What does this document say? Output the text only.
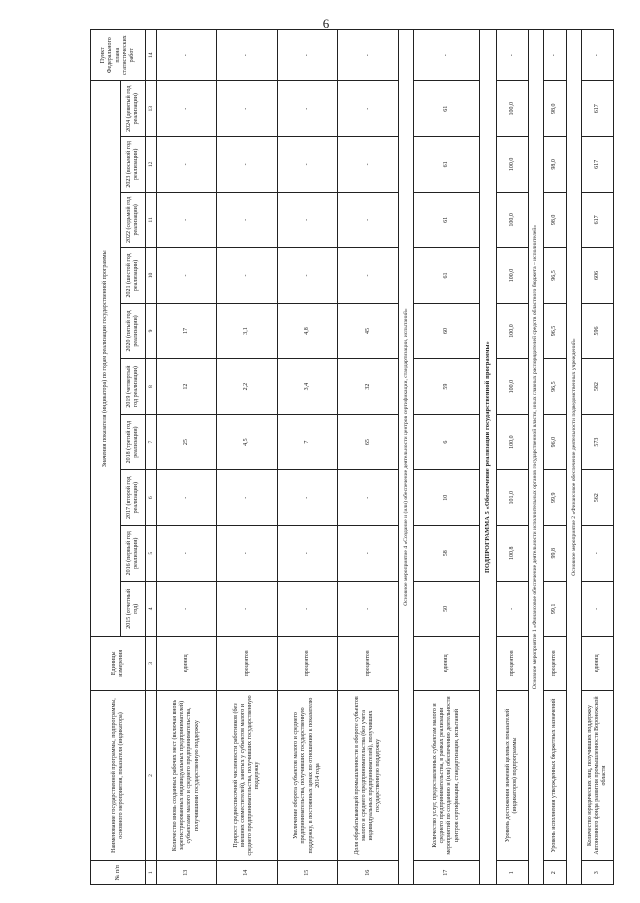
6
№ п/п	Наименование государственной программы, подпрограммы, основного мероприятия, показателя (индикатора)	Единицы измерения	Значения показателя (индикатора) по годам реализации государственной программы										Пункт Федерального плана статистических работ
			2015 (отчетный год)	2016 (первый год реализации)	2017 (второй год реализации)	2018 (третий год реализации)	2019 (четвертый год реализации)	2020 (пятый год реализации)	2021 (шестой год реализации)	2022 (седьмой год реализации)	2023 (восьмой год реализации)	2024 (девятый год реализации)	
1	2	3	4	5	6	7	8	9	10	11	12	13	14
13	Количество вновь созданных рабочих мест (включая вновь зарегистрированных индивидуальных предпринимателей) субъектами малого и среднего предпринимательства, получившими государственную поддержку	единиц	-	-	-	25	12	17	-	-	-	-	-
14	Прирост среднесписочной численности работников (без внешних совместителей), занятых у субъектов малого и среднего предпринимательства, получивших государственную поддержку	процентов	-	-	-	4,5	2,2	3,1	-	-	-	-	-
15	Увеличение оборота субъектов малого и среднего предпринимательства, получивших государственную поддержку, в постоянных ценах по отношению к показателю 2014 года	процентов	-	-	-	7	3,4	4,8	-	-	-	-	-
16	Доля обрабатывающей промышленности в обороте субъектов малого и среднего предпринимательства (без учета индивидуальных предпринимателей), получивших государственную поддержку	процентов	-	-	-	65	32	45	-	-	-	-	-
Основное мероприятие 4 «Создание и (или) обеспечение деятельности центров сертификации, стандартизации, испытаний»													
17	Количество услуг, предоставленных субъектам малого и среднего предпринимательства, в рамках реализации мероприятий по созданию и (или) обеспечению деятельности центров сертификации, стандартизации, испытаний	единиц	50	58	10	6	59	60	61	61	61	61	-
ПОДПРОГРАММА 5 «Обеспечение реализации государственной программы»													
1	Уровень достижения значений целевых показателей (индикаторов) подпрограммы	процентов	-	100,8	101,0	100,0	100,0	100,0	100,0	100,0	100,0	100,0	-
Основное мероприятие 1 «Финансовое обеспечение деятельности исполнительных органов государственной власти, иных главных распорядителей средств областного бюджета – исполнителей»													
2	Уровень исполнения утвержденных бюджетных назначений	процентов	99,1	99,8	99,9	96,0	96,5	96,5	96,5	98,0	98,0	98,0	-
Основное мероприятие 2 «Финансовое обеспечение деятельности подведомственных учреждений»													
3	Количество юридических лиц, получивших поддержку Автономного фонда развития промышленности Воронежской области	единиц	-	-	562	573	582	596	606	617	617	617	-
